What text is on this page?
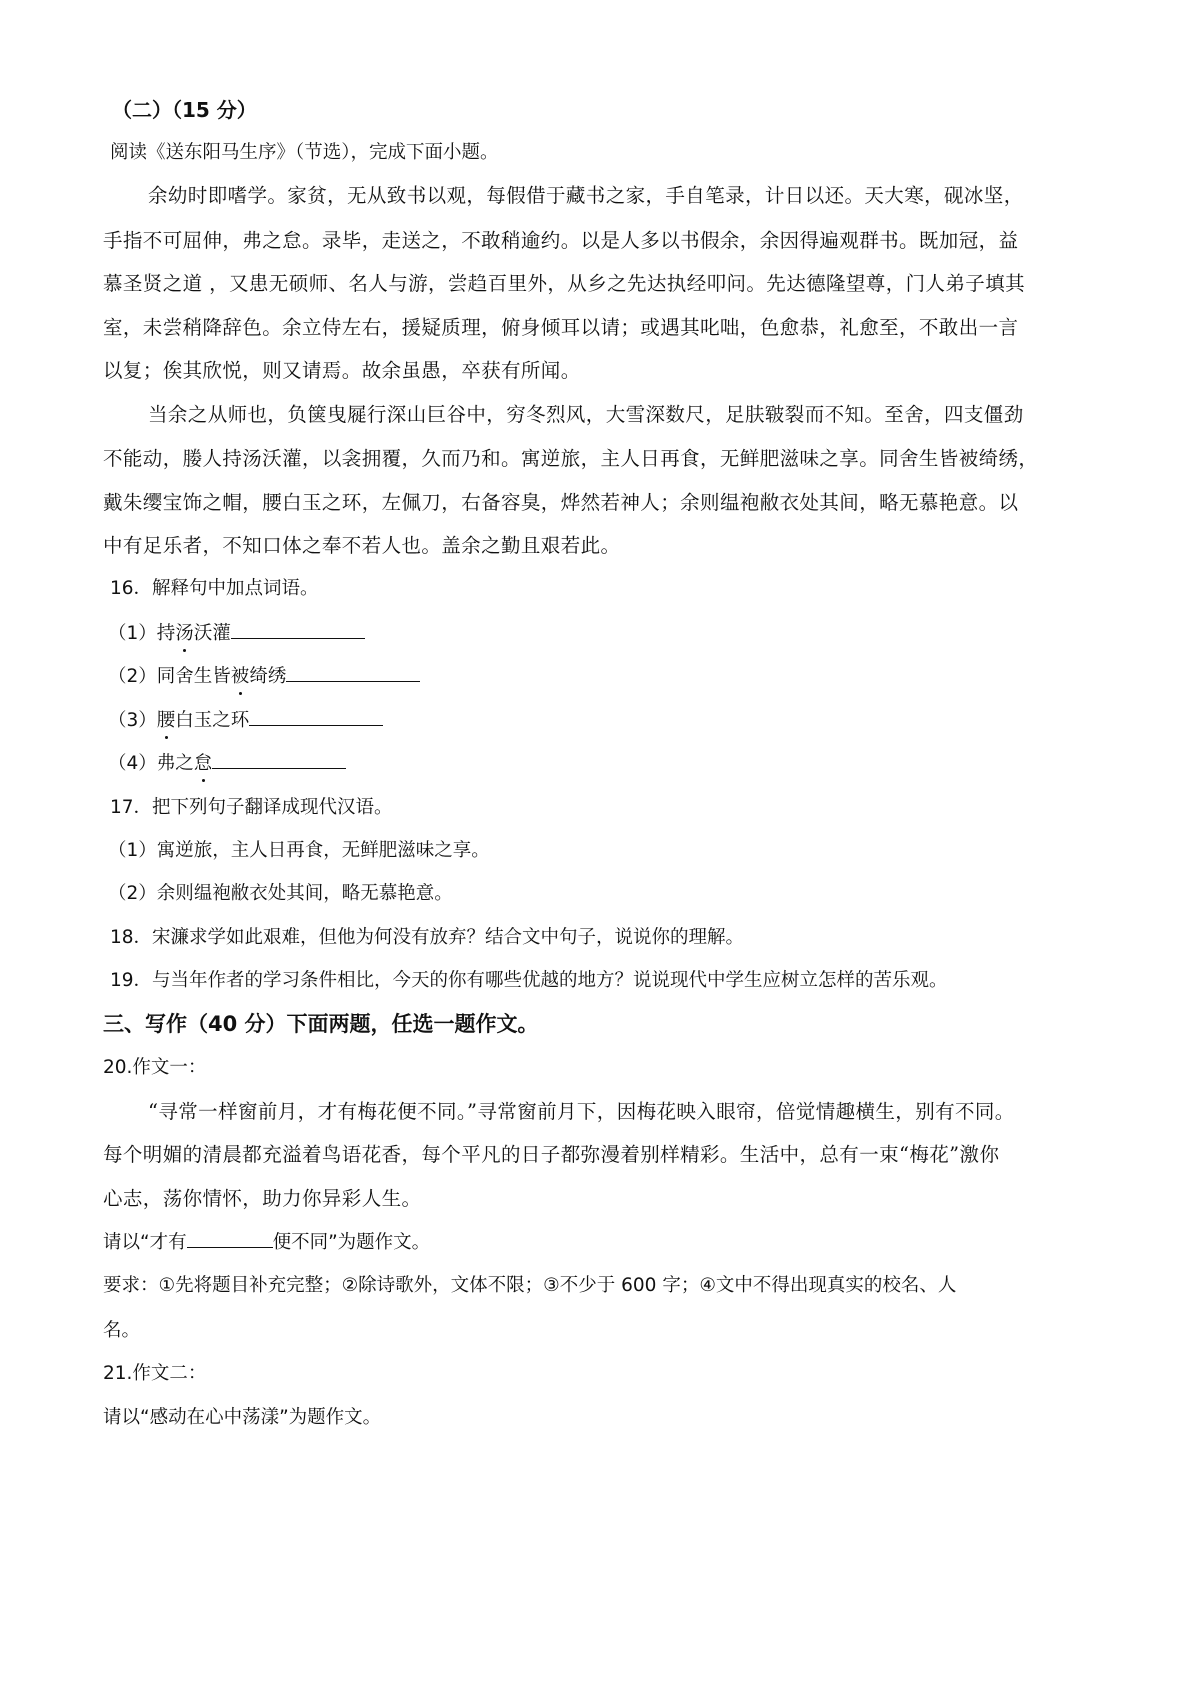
（二）（15 分）
阅读《送东阳马生序》（节选），完成下面小题。
余幼时即嗜学。家贫，无从致书以观，每假借于藏书之家，手自笔录，计日以还。天大寒，砚冰坚，
手指不可屈伸，弗之怠。录毕，走送之，不敢稍逾约。以是人多以书假余，余因得遍观群书。既加冠，益
慕圣贤之道 ，又患无硕师、名人与游，尝趋百里外，从乡之先达执经叩问。先达德隆望尊，门人弟子填其
室，未尝稍降辞色。余立侍左右，援疑质理，俯身倾耳以请；或遇其叱咄，色愈恭，礼愈至，不敢出一言
以复；俟其欣悦，则又请焉。故余虽愚，卒获有所闻。
当余之从师也，负箧曳屣行深山巨谷中，穷冬烈风，大雪深数尺，足肤皲裂而不知。至舍，四支僵劲
不能动，媵人持汤沃灌，以衾拥覆，久而乃和。寓逆旅，主人日再食，无鲜肥滋味之享。同舍生皆被绮绣，
戴朱缨宝饰之帽，腰白玉之环，左佩刀，右备容臭，烨然若神人；余则缊袍敝衣处其间，略无慕艳意。以
中有足乐者，不知口体之奉不若人也。盖余之勤且艰若此。
16．解释句中加点词语。
（1）持汤沃灌
（2）同舍生皆被绮绣
（3）腰白玉之环
（4）弗之怠
17．把下列句子翻译成现代汉语。
（1）寓逆旅，主人日再食，无鲜肥滋味之享。
（2）余则缊袍敝衣处其间，略无慕艳意。
18．宋濂求学如此艰难，但他为何没有放弃？结合文中句子，说说你的理解。
19．与当年作者的学习条件相比，今天的你有哪些优越的地方？说说现代中学生应树立怎样的苦乐观。
三、写作（40 分）下面两题，任选一题作文。
20.作文一：
“寻常一样窗前月，才有梅花便不同。”寻常窗前月下，因梅花映入眼帘，倍觉情趣横生，别有不同。
每个明媚的清晨都充溢着鸟语花香，每个平凡的日子都弥漫着别样精彩。生活中，总有一束“梅花”激你
心志，荡你情怀，助力你异彩人生。
请以“才有	便不同”为题作文。
要求：①先将题目补充完整；②除诗歌外，文体不限；③不少于 600 字；④文中不得出现真实的校名、人
名。
21.作文二：
请以“感动在心中荡漾”为题作文。
